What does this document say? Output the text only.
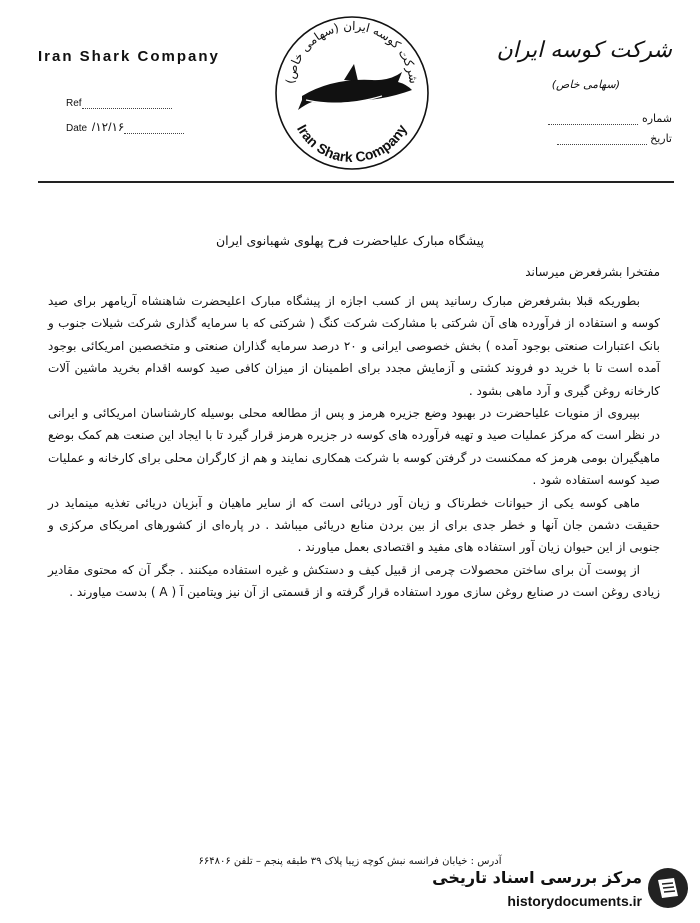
Iran Shark Company	شرکت کوسه ایران
(سهامی خاص)
Ref
Date /۱۲/۱۶
شماره
تاریخ
شرکت کوسه ایران (سهامی خاص)
Iran Shark Company
پیشگاه مبارک علیاحضرت فرح پهلوی شهبانوی ایران
مفتخرا بشرفعرض میرساند

بطوریکه قبلا بشرفعرض مبارک رسانید پس از کسب اجازه از پیشگاه مبارک اعلیحضرت شاهنشاه آریامهر برای صید کوسه و استفاده از فرآورده های آن شرکتی با مشارکت شرکت کنگ ( شرکتی که با سرمایه گذاری شرکت شیلات جنوب و بانک اعتبارات صنعتی بوجود آمده ) بخش خصوصی ایرانی و ۲۰ درصد سرمایه گذاران صنعتی و متخصصین امریکائی بوجود آمده است تا با خرید دو فروند کشتی و آزمایش مجدد برای اطمینان از میزان کافی صید کوسه اقدام بخرید ماشین آلات کارخانه روغن گیری و آرد ماهی بشود .

بپیروی از منویات علیاحضرت در بهبود وضع جزیره هرمز و پس از مطالعه محلی بوسیله کارشناسان امریکائی و ایرانی در نظر است که مرکز عملیات صید و تهیه فرآورده های کوسه در جزیره هرمز قرار گیرد تا با ایجاد این صنعت هم کمک بوضع ماهیگیران بومی هرمز که ممکنست در گرفتن کوسه با شرکت همکاری نمایند و هم از کارگران محلی برای کارخانه و عملیات صید کوسه استفاده شود .

ماهی کوسه یکی از حیوانات خطرناک و زیان آور دریائی است که از سایر ماهیان و آبزیان دریائی تغذیه مینماید در حقیقت دشمن جان آنها و خطر جدی برای از بین بردن منابع دریائی میباشد . در پاره‌ای از کشورهای امریکای مرکزی و جنوبی از این حیوان زیان آور استفاده های مفید و اقتصادی بعمل میاورند .

از پوست آن برای ساختن محصولات چرمی از قبیل کیف و دستکش و غیره استفاده میکنند . جگر آن که محتوی مقادیر زیادی روغن است در صنایع روغن سازی مورد استفاده قرار گرفته و از قسمتی از آن نیز ویتامین آ ( A ) بدست میاورند .

آدرس : خیابان فرانسه نبش کوچه زیبا پلاک ۳۹ طبقه پنجم – تلفن ۶۶۴۸۰۶
مرکز بررسی اسناد تاریخی
historydocuments.ir
